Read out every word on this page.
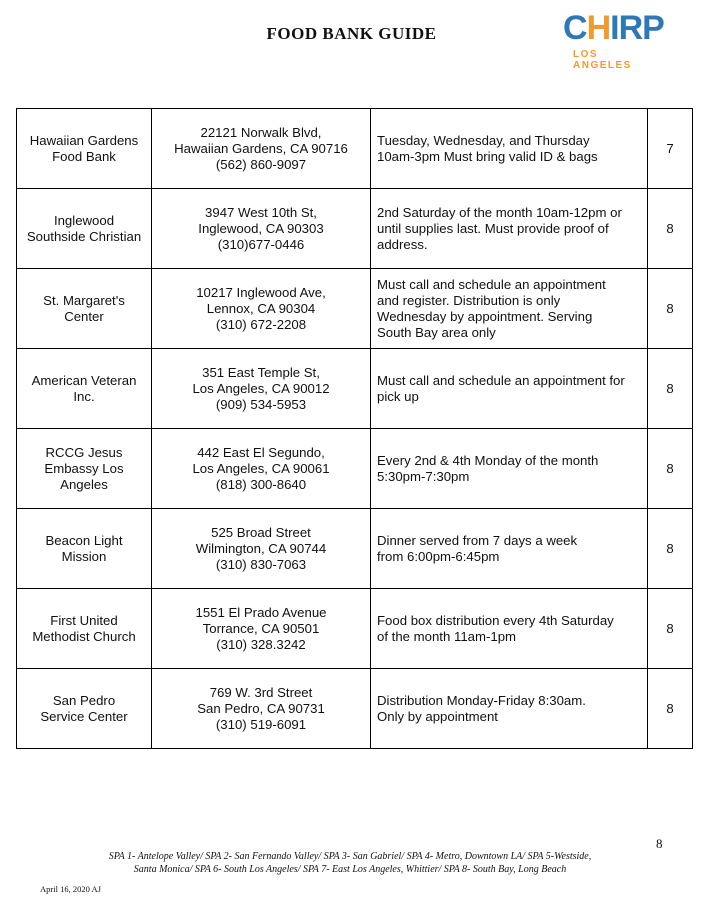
FOOD BANK GUIDE	CHIRP
LOS ANGELES
Hawaiian Gardens
Food Bank	22121 Norwalk Blvd,
Hawaiian Gardens, CA 90716
(562) 860-9097	Tuesday, Wednesday, and Thursday
10am-3pm Must bring valid ID & bags	7

Inglewood
Southside Christian	3947 West 10th St,
Inglewood, CA 90303
(310)677-0446	2nd Saturday of the month 10am-12pm or
until supplies last. Must provide proof of
address.	8

St. Margaret's
Center	10217 Inglewood Ave,
Lennox, CA 90304
(310) 672-2208	Must call and schedule an appointment
and register. Distribution is only
Wednesday by appointment. Serving
South Bay area only	8

American Veteran
Inc.	351 East Temple St,
Los Angeles, CA 90012
(909) 534-5953	Must call and schedule an appointment for
pick up	8

RCCG Jesus
Embassy Los
Angeles	442 East El Segundo,
Los Angeles, CA 90061
(818) 300-8640	Every 2nd & 4th Monday of the month
5:30pm-7:30pm	8

Beacon Light
Mission	525 Broad Street
Wilmington, CA 90744
(310) 830-7063	Dinner served from 7 days a week
from 6:00pm-6:45pm	8

First United
Methodist Church	1551 El Prado Avenue
Torrance, CA 90501
(310) 328.3242	Food box distribution every 4th Saturday
of the month 11am-1pm	8

San Pedro
Service Center	769 W. 3rd Street
San Pedro, CA 90731
(310) 519-6091	Distribution Monday-Friday 8:30am.
Only by appointment	8
8
SPA 1- Antelope Valley/ SPA 2- San Fernando Valley/ SPA 3- San Gabriel/ SPA 4- Metro, Downtown LA/ SPA 5-Westside,
Santa Monica/ SPA 6- South Los Angeles/ SPA 7- East Los Angeles, Whittier/ SPA 8- South Bay, Long Beach
April 16, 2020 AJ
